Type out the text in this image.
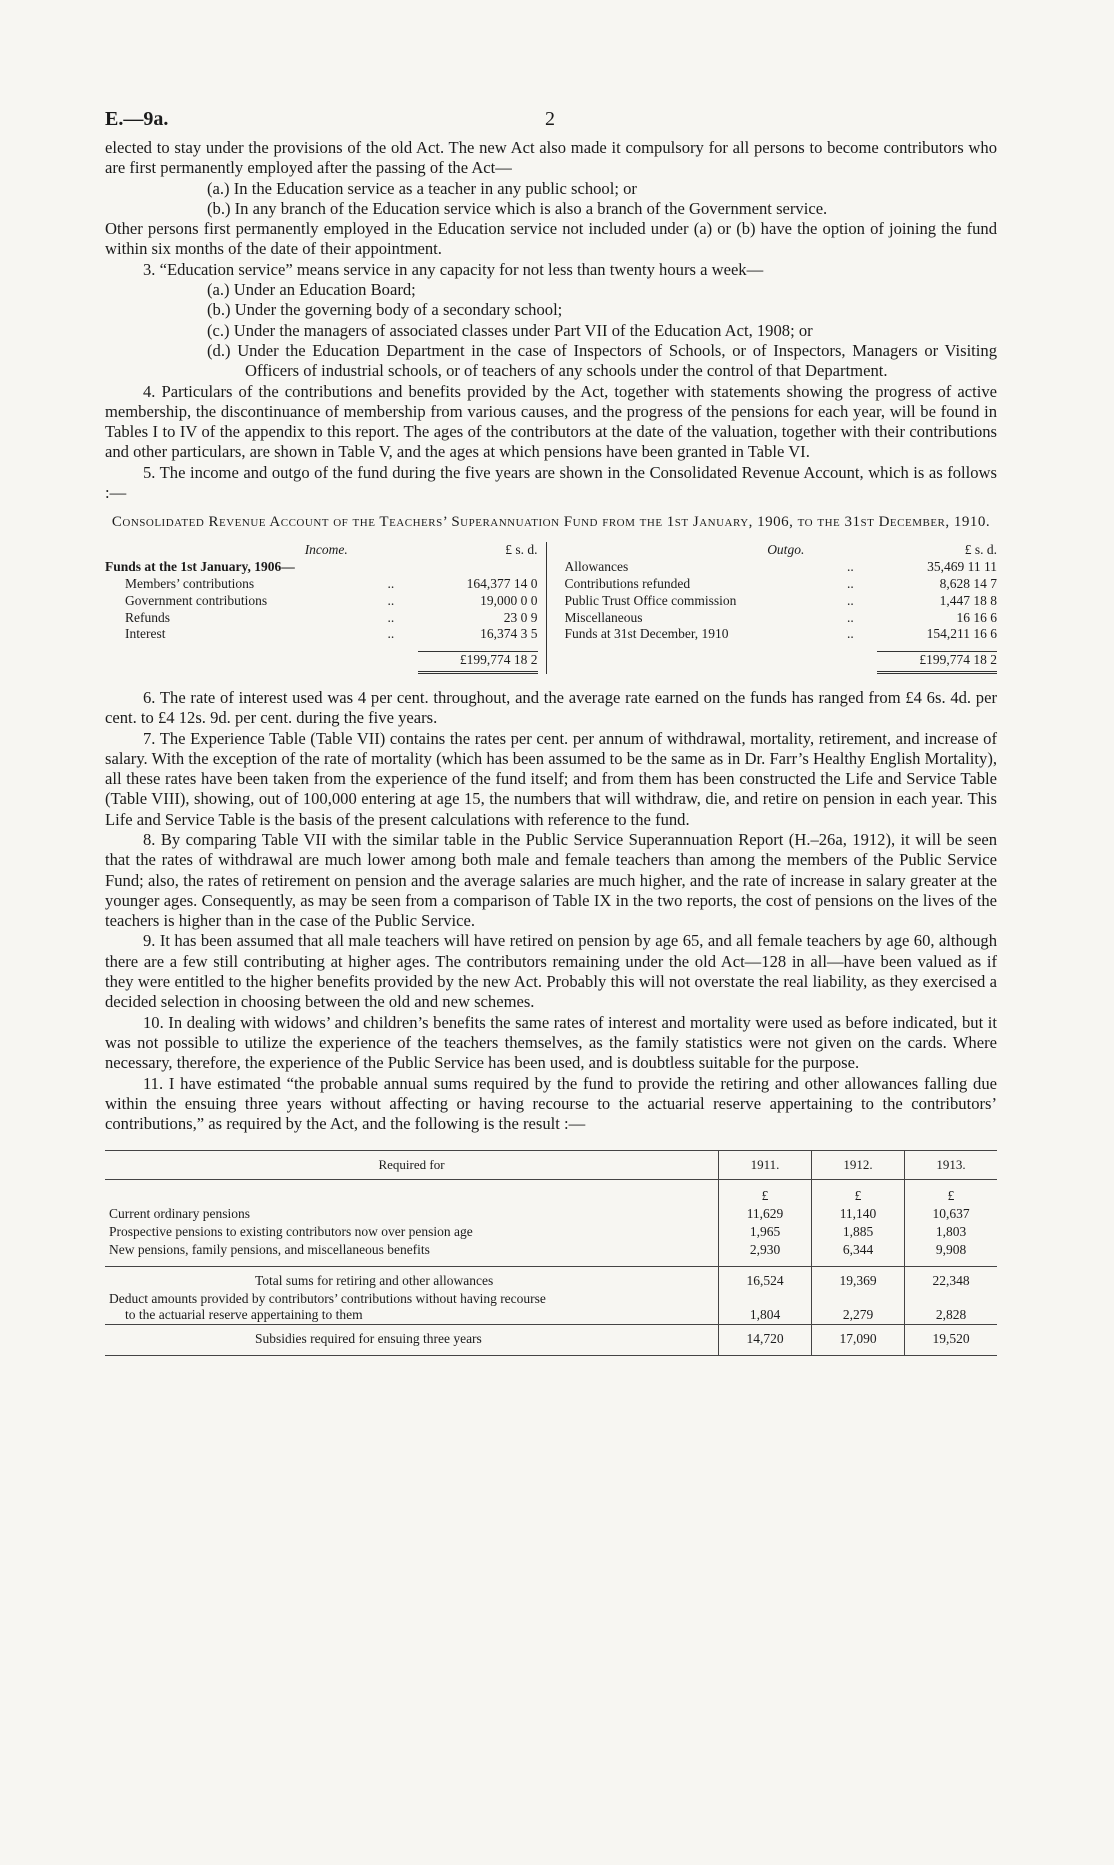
E.—9a.	2

elected to stay under the provisions of the old Act. The new Act also made it compulsory for all persons to become contributors who are first permanently employed after the passing of the Act—

(a.) In the Education service as a teacher in any public school; or
(b.) In any branch of the Education service which is also a branch of the Government service.

Other persons first permanently employed in the Education service not included under (a) or (b) have the option of joining the fund within six months of the date of their appointment.

3. “Education service” means service in any capacity for not less than twenty hours a week—

(a.) Under an Education Board;
(b.) Under the governing body of a secondary school;
(c.) Under the managers of associated classes under Part VII of the Education Act, 1908; or
(d.) Under the Education Department in the case of Inspectors of Schools, or of Inspectors, Managers or Visiting Officers of industrial schools, or of teachers of any schools under the control of that Department.

4. Particulars of the contributions and benefits provided by the Act, together with statements showing the progress of active membership, the discontinuance of membership from various causes, and the progress of the pensions for each year, will be found in Tables I to IV of the appendix to this report. The ages of the contributors at the date of the valuation, together with their contributions and other particulars, are shown in Table V, and the ages at which pensions have been granted in Table VI.

5. The income and outgo of the fund during the five years are shown in the Consolidated Revenue Account, which is as follows :—

Consolidated Revenue Account of the Teachers’ Superannuation Fund from the 1st January, 1906, to the 31st December, 1910.
Income.	£ s. d.
Funds at the 1st January, 1906—
Members’ contributions	..	164,377 14 0
Government contributions	..	19,000 0 0
Refunds	..	23 0 9
Interest	..	16,374 3 5
£199,774 18 2
Outgo.	£ s. d.
Allowances	..	35,469 11 11
Contributions refunded	..	8,628 14 7
Public Trust Office commission	..	1,447 18 8
Miscellaneous	..	16 16 6
Funds at 31st December, 1910	..	154,211 16 6
£199,774 18 2

6. The rate of interest used was 4 per cent. throughout, and the average rate earned on the funds has ranged from £4 6s. 4d. per cent. to £4 12s. 9d. per cent. during the five years.

7. The Experience Table (Table VII) contains the rates per cent. per annum of withdrawal, mortality, retirement, and increase of salary. With the exception of the rate of mortality (which has been assumed to be the same as in Dr. Farr’s Healthy English Mortality), all these rates have been taken from the experience of the fund itself; and from them has been constructed the Life and Service Table (Table VIII), showing, out of 100,000 entering at age 15, the numbers that will withdraw, die, and retire on pension in each year. This Life and Service Table is the basis of the present calculations with reference to the fund.

8. By comparing Table VII with the similar table in the Public Service Superannuation Report (H.–26a, 1912), it will be seen that the rates of withdrawal are much lower among both male and female teachers than among the members of the Public Service Fund; also, the rates of retirement on pension and the average salaries are much higher, and the rate of increase in salary greater at the younger ages. Consequently, as may be seen from a comparison of Table IX in the two reports, the cost of pensions on the lives of the teachers is higher than in the case of the Public Service.

9. It has been assumed that all male teachers will have retired on pension by age 65, and all female teachers by age 60, although there are a few still contributing at higher ages. The contributors remaining under the old Act—128 in all—have been valued as if they were entitled to the higher benefits provided by the new Act. Probably this will not overstate the real liability, as they exercised a decided selection in choosing between the old and new schemes.

10. In dealing with widows’ and children’s benefits the same rates of interest and mortality were used as before indicated, but it was not possible to utilize the experience of the teachers themselves, as the family statistics were not given on the cards. Where necessary, therefore, the experience of the Public Service has been used, and is doubtless suitable for the purpose.

11. I have estimated “the probable annual sums required by the fund to provide the retiring and other allowances falling due within the ensuing three years without affecting or having recourse to the actuarial reserve appertaining to the contributors’ contributions,” as required by the Act, and the following is the result :—

Required for	1911.	1912.	1913.
	£	£	£
Current ordinary pensions	11,629	11,140	10,637
Prospective pensions to existing contributors now over pension age	1,965	1,885	1,803
New pensions, family pensions, and miscellaneous benefits	2,930	6,344	9,908
Total sums for retiring and other allowances	16,524	19,369	22,348
Deduct amounts provided by contributors’ contributions without having recourse
to the actuarial reserve appertaining to them	1,804	2,279	2,828
Subsidies required for ensuing three years	14,720	17,090	19,520
